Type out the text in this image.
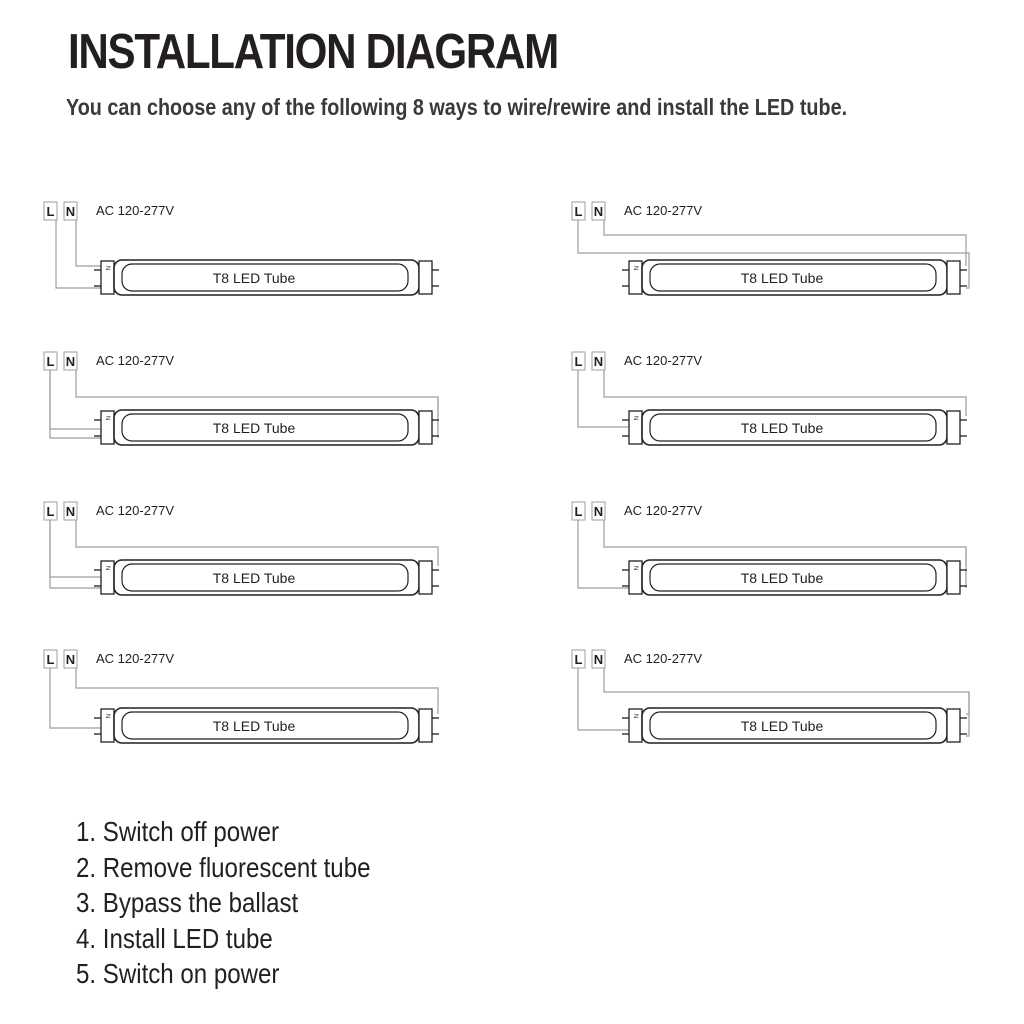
INSTALLATION DIAGRAM

You can choose any of the following 8 ways to wire/rewire and install the LED tube.

L N AC 120-277V
N
T8 LED Tube
L N AC 120-277V
N
T8 LED Tube
L N AC 120-277V
N
T8 LED Tube
L N AC 120-277V
N
T8 LED Tube
L N AC 120-277V
N
T8 LED Tube
L N AC 120-277V
N
T8 LED Tube
L N AC 120-277V
N
T8 LED Tube
L N AC 120-277V
N
T8 LED Tube
1. Switch off power
2. Remove fluorescent tube
3. Bypass the ballast
4. Install LED tube
5. Switch on power
